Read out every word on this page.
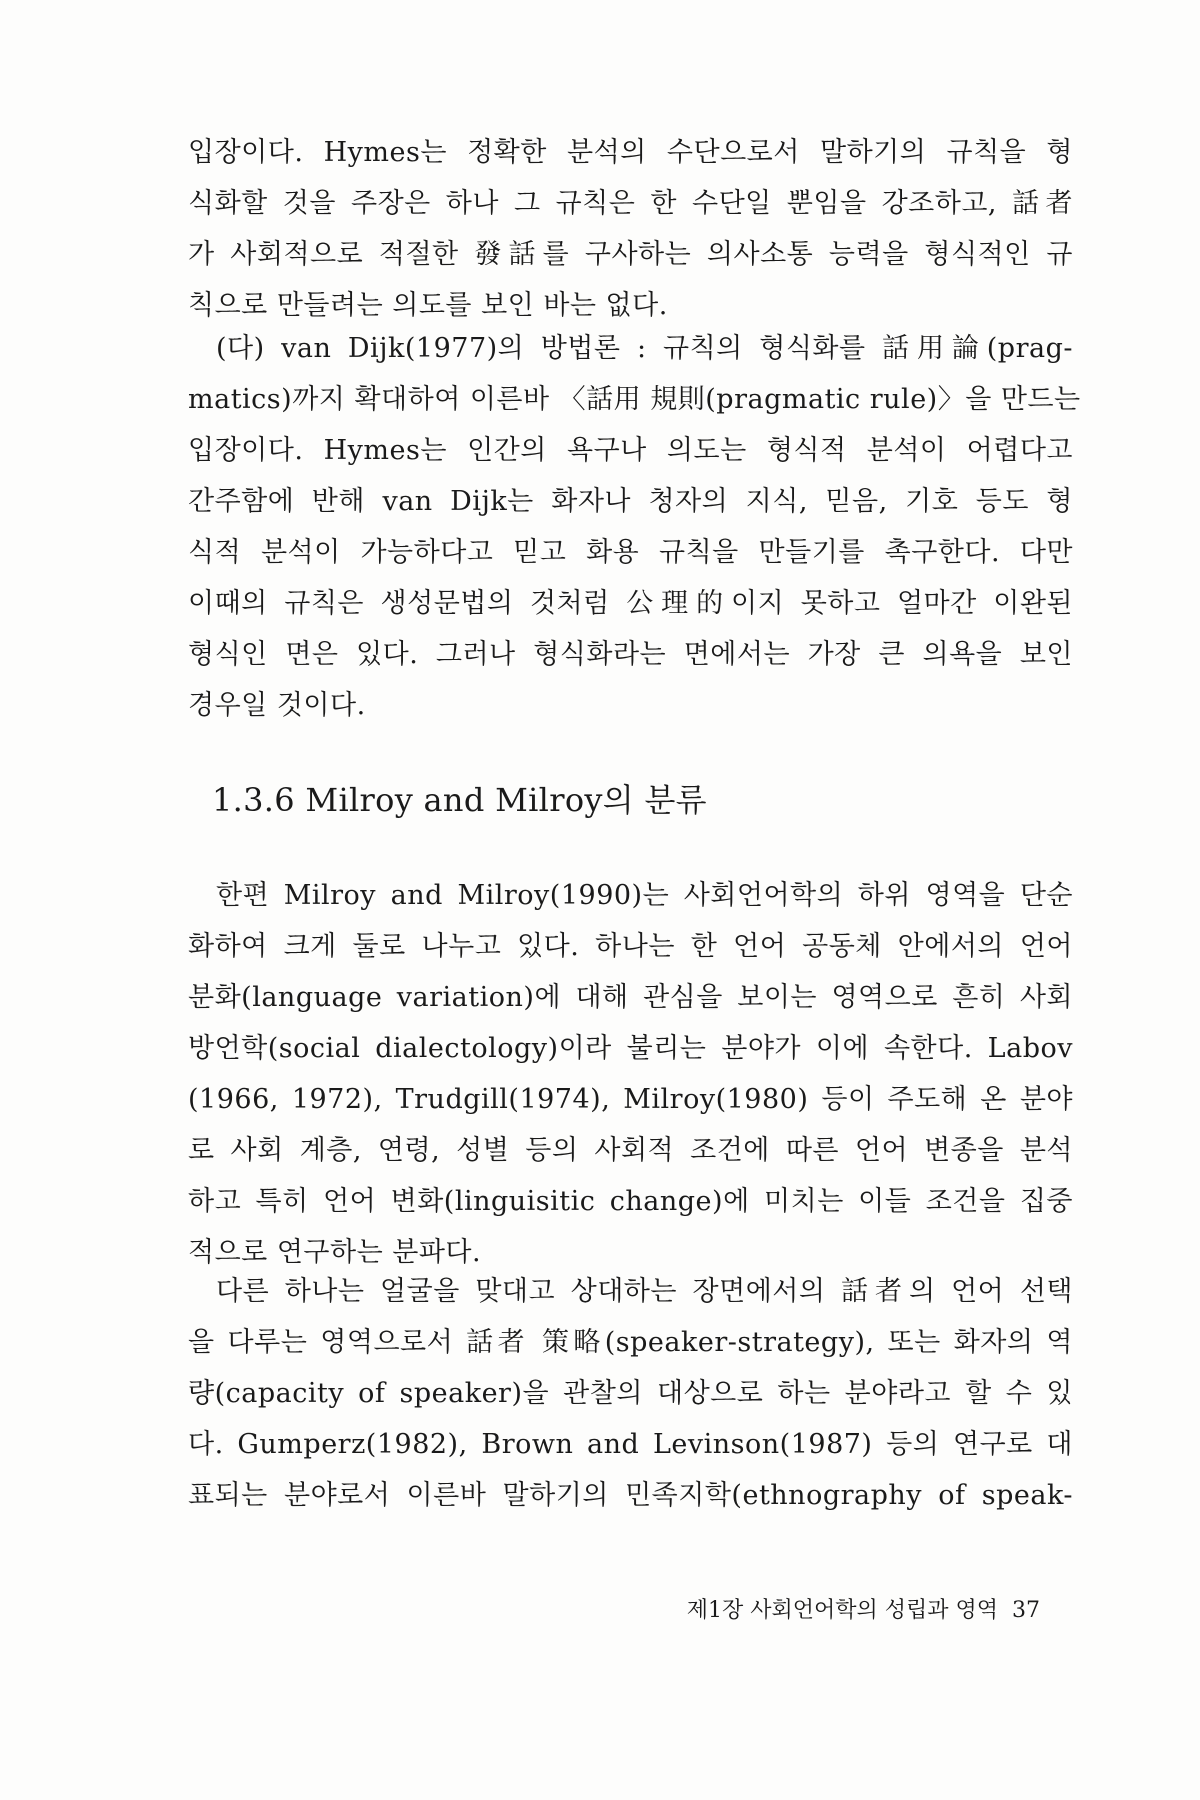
입장이다. Hymes는 정확한 분석의 수단으로서 말하기의 규칙을 형
식화할 것을 주장은 하나 그 규칙은 한 수단일 뿐임을 강조하고, 話者
가 사회적으로 적절한 發話를 구사하는 의사소통 능력을 형식적인 규
칙으로 만들려는 의도를 보인 바는 없다.
(다) van Dijk(1977)의 방법론 : 규칙의 형식화를 話用論(prag-
matics)까지 확대하여 이른바 〈話用 規則(pragmatic rule)〉을 만드는
입장이다. Hymes는 인간의 욕구나 의도는 형식적 분석이 어렵다고
간주함에 반해 van Dijk는 화자나 청자의 지식, 믿음, 기호 등도 형
식적 분석이 가능하다고 믿고 화용 규칙을 만들기를 촉구한다. 다만
이때의 규칙은 생성문법의 것처럼 公理的이지 못하고 얼마간 이완된
형식인 면은 있다. 그러나 형식화라는 면에서는 가장 큰 의욕을 보인
경우일 것이다.
1.3.6 Milroy and Milroy의 분류
한편 Milroy and Milroy(1990)는 사회언어학의 하위 영역을 단순
화하여 크게 둘로 나누고 있다. 하나는 한 언어 공동체 안에서의 언어
분화(language variation)에 대해 관심을 보이는 영역으로 흔히 사회
방언학(social dialectology)이라 불리는 분야가 이에 속한다. Labov
(1966, 1972), Trudgill(1974), Milroy(1980) 등이 주도해 온 분야
로 사회 계층, 연령, 성별 등의 사회적 조건에 따른 언어 변종을 분석
하고 특히 언어 변화(linguisitic change)에 미치는 이들 조건을 집중
적으로 연구하는 분파다.
다른 하나는 얼굴을 맞대고 상대하는 장면에서의 話者의 언어 선택
을 다루는 영역으로서 話者 策略(speaker-strategy), 또는 화자의 역
량(capacity of speaker)을 관찰의 대상으로 하는 분야라고 할 수 있
다. Gumperz(1982), Brown and Levinson(1987) 등의 연구로 대
표되는 분야로서 이른바 말하기의 민족지학(ethnography of speak-
제1장 사회언어학의 성립과 영역 37
